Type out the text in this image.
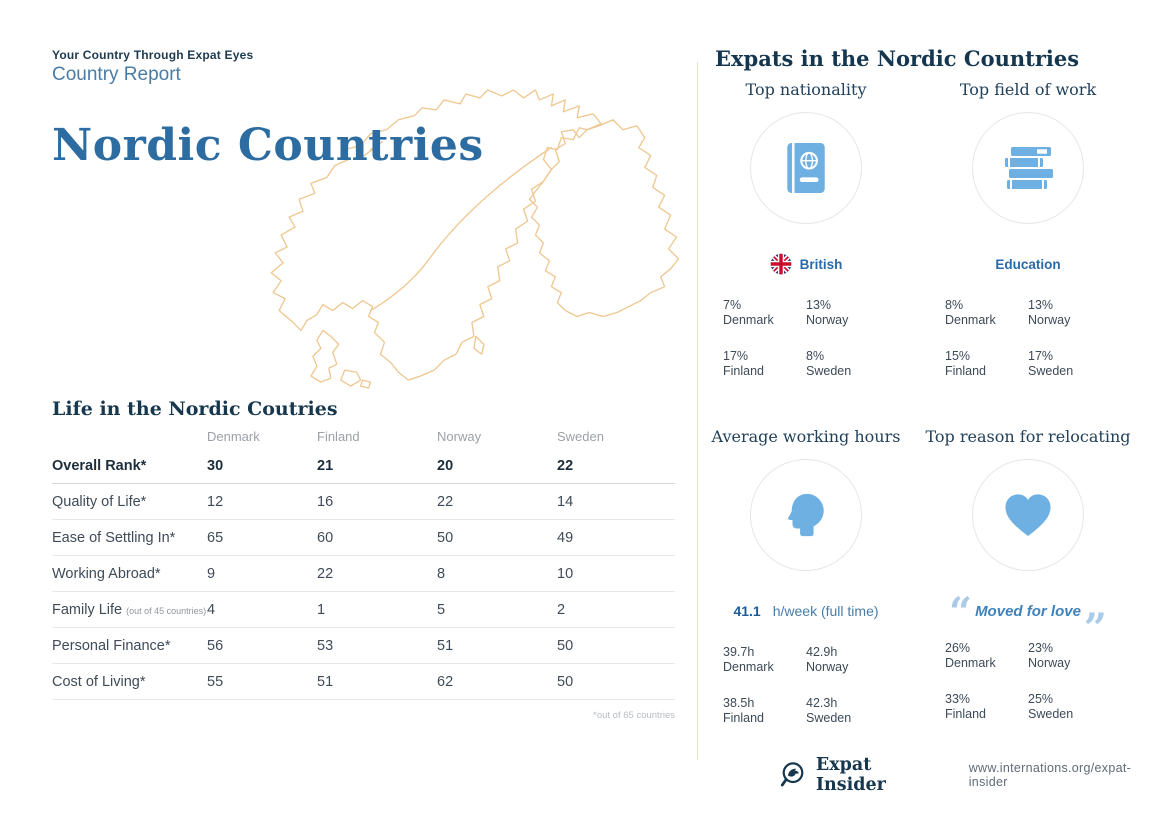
Your Country Through Expat Eyes
Country Report
Nordic Countries
Life in the Nordic Coutries
Denmark	Finland	Norway	Sweden
Overall Rank*	30	21	20	22
Quality of Life*	12	16	22	14
Ease of Settling In*	65	60	50	49
Working Abroad*	9	22	8	10
Family Life (out of 45 countries) 4	1	5	2
Personal Finance*	56	53	51	50
Cost of Living*	55	51	62	50
*out of 65 countries
Expats in the Nordic Countries
Top nationality
British
7%
Denmark
13%
Norway
17%
Finland
8%
Sweden
Top field of work
Education
8%
Denmark
13%
Norway
15%
Finland
17%
Sweden
Average working hours
41.1 h/week (full time)
39.7h
Denmark
42.9h
Norway
38.5h
Finland
42.3h
Sweden
Top reason for relocating
“ Moved for love ”
26%
Denmark
23%
Norway
33%
Finland
25%
Sweden
Expat Insider
www.internations.org/expat-insider
